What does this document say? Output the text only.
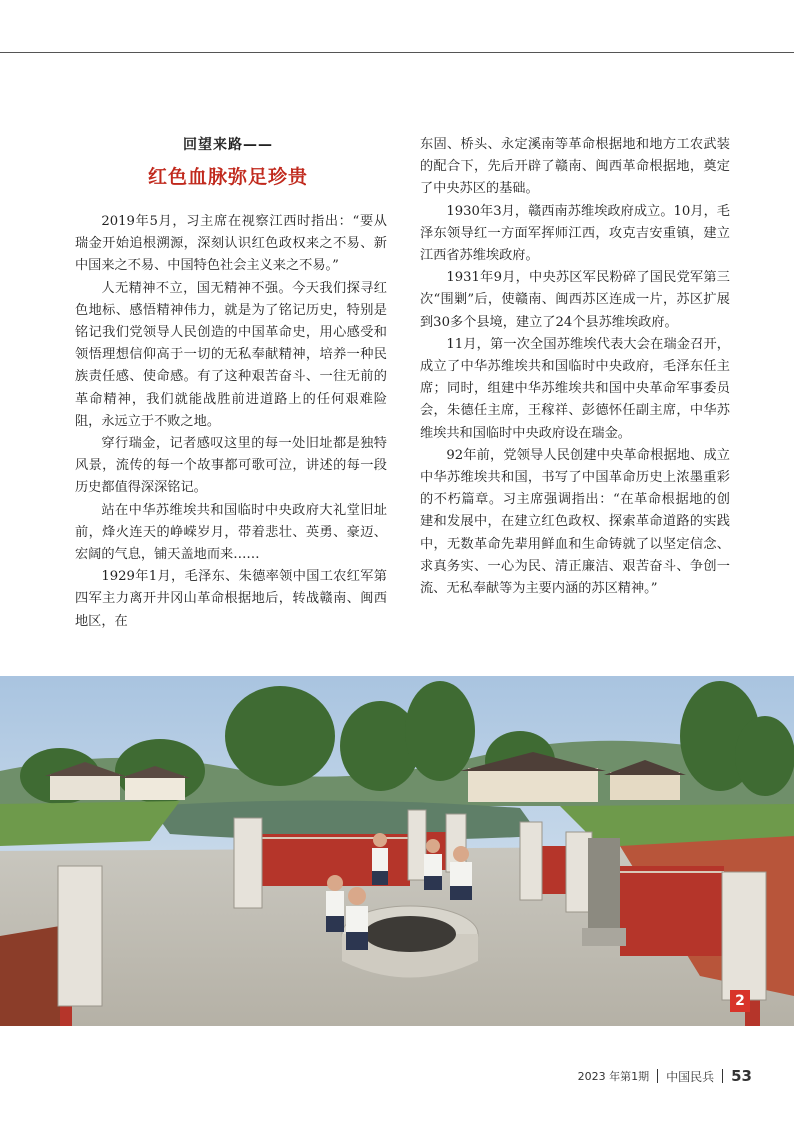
回望来路——
红色血脉弥足珍贵

2019年5月，习主席在视察江西时指出：“要从瑞金开始追根溯源，深刻认识红色政权来之不易、新中国来之不易、中国特色社会主义来之不易。”

人无精神不立，国无精神不强。今天我们探寻红色地标、感悟精神伟力，就是为了铭记历史，特别是铭记我们党领导人民创造的中国革命史，用心感受和领悟理想信仰高于一切的无私奉献精神，培养一种民族责任感、使命感。有了这种艰苦奋斗、一往无前的革命精神，我们就能战胜前进道路上的任何艰难险阻，永远立于不败之地。

穿行瑞金，记者感叹这里的每一处旧址都是独特风景，流传的每一个故事都可歌可泣，讲述的每一段历史都值得深深铭记。

站在中华苏维埃共和国临时中央政府大礼堂旧址前，烽火连天的峥嵘岁月，带着悲壮、英勇、豪迈、宏阔的气息，铺天盖地而来……

1929年1月，毛泽东、朱德率领中国工农红军第四军主力离开井冈山革命根据地后，转战赣南、闽西地区，在

东固、桥头、永定溪南等革命根据地和地方工农武装的配合下，先后开辟了赣南、闽西革命根据地，奠定了中央苏区的基础。

1930年3月，赣西南苏维埃政府成立。10月，毛泽东领导红一方面军挥师江西，攻克吉安重镇，建立江西省苏维埃政府。

1931年9月，中央苏区军民粉碎了国民党军第三次“围剿”后，使赣南、闽西苏区连成一片，苏区扩展到30多个县境，建立了24个县苏维埃政府。

11月，第一次全国苏维埃代表大会在瑞金召开，成立了中华苏维埃共和国临时中央政府，毛泽东任主席；同时，组建中华苏维埃共和国中央革命军事委员会，朱德任主席，王稼祥、彭德怀任副主席，中华苏维埃共和国临时中央政府设在瑞金。

92年前，党领导人民创建中央革命根据地、成立中华苏维埃共和国，书写了中国革命历史上浓墨重彩的不朽篇章。习主席强调指出：“在革命根据地的创建和发展中，在建立红色政权、探索革命道路的实践中，无数革命先辈用鲜血和生命铸就了以坚定信念、求真务实、一心为民、清正廉洁、艰苦奋斗、争创一流、无私奉献等为主要内涵的苏区精神。”

2
2023 年第1期 中国民兵 53
